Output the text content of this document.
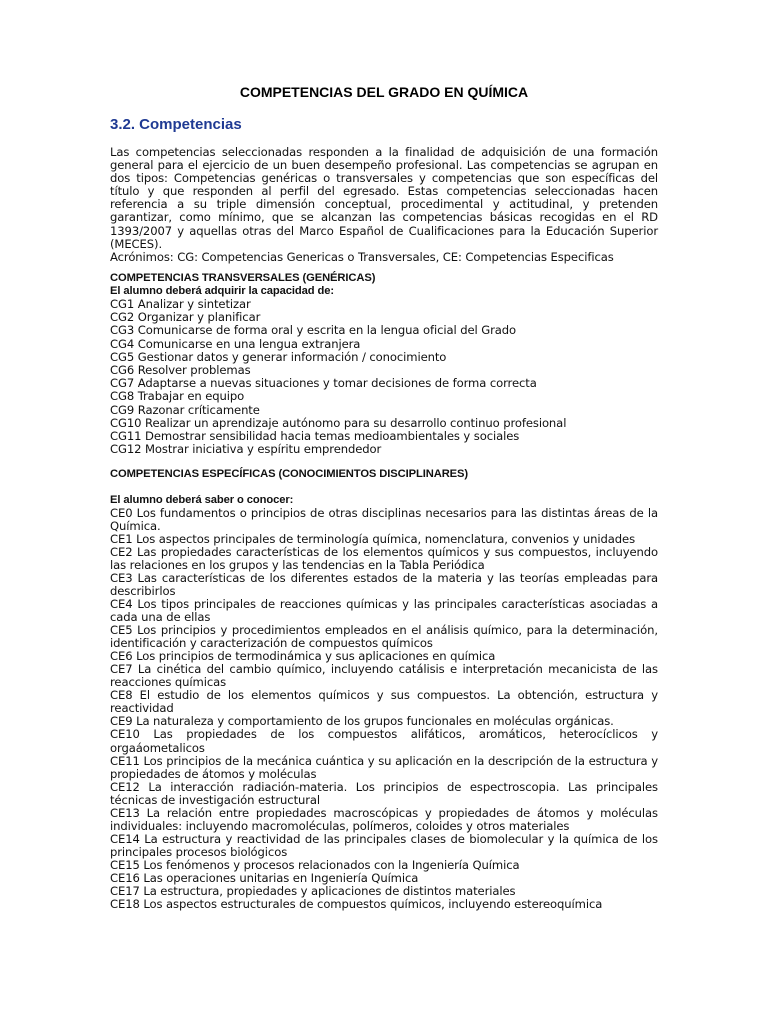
COMPETENCIAS DEL GRADO EN QUÍMICA
3.2. Competencias

Las competencias seleccionadas responden a la finalidad de adquisición de una formación general para el ejercicio de un buen desempeño profesional. Las competencias se agrupan en dos tipos: Competencias genéricas o transversales y competencias que son específicas del título y que responden al perfil del egresado. Estas competencias seleccionadas hacen referencia a su triple dimensión conceptual, procedimental y actitudinal, y pretenden garantizar, como mínimo, que se alcanzan las competencias básicas recogidas en el RD 1393/2007 y aquellas otras del Marco Español de Cualificaciones para la Educación Superior (MECES).

Acrónimos: CG: Competencias Genericas o Transversales, CE: Competencias Especificas

COMPETENCIAS TRANSVERSALES (GENÉRICAS)

El alumno deberá adquirir la capacidad de:

CG1 Analizar y sintetizar
CG2 Organizar y planificar
CG3 Comunicarse de forma oral y escrita en la lengua oficial del Grado
CG4 Comunicarse en una lengua extranjera
CG5 Gestionar datos y generar información / conocimiento
CG6 Resolver problemas
CG7 Adaptarse a nuevas situaciones y tomar decisiones de forma correcta
CG8 Trabajar en equipo
CG9 Razonar críticamente
CG10 Realizar un aprendizaje autónomo para su desarrollo continuo profesional
CG11 Demostrar sensibilidad hacia temas medioambientales y sociales
CG12 Mostrar iniciativa y espíritu emprendedor

COMPETENCIAS ESPECÍFICAS (CONOCIMIENTOS DISCIPLINARES)

El alumno deberá saber o conocer:

CE0 Los fundamentos o principios de otras disciplinas necesarios para las distintas áreas de la Química.
CE1 Los aspectos principales de terminología química, nomenclatura, convenios y unidades
CE2 Las propiedades características de los elementos químicos y sus compuestos, incluyendo las relaciones en los grupos y las tendencias en la Tabla Periódica
CE3 Las características de los diferentes estados de la materia y las teorías empleadas para describirlos
CE4 Los tipos principales de reacciones químicas y las principales características asociadas a cada una de ellas
CE5 Los principios y procedimientos empleados en el análisis químico, para la determinación, identificación y caracterización de compuestos químicos
CE6 Los principios de termodinámica y sus aplicaciones en química
CE7 La cinética del cambio químico, incluyendo catálisis e interpretación mecanicista de las reacciones químicas
CE8 El estudio de los elementos químicos y sus compuestos. La obtención, estructura y reactividad
CE9 La naturaleza y comportamiento de los grupos funcionales en moléculas orgánicas.
CE10 Las propiedades de los compuestos alifáticos, aromáticos, heterocíclicos y orgaáometalicos
CE11 Los principios de la mecánica cuántica y su aplicación en la descripción de la estructura y propiedades de átomos y moléculas
CE12 La interacción radiación-materia. Los principios de espectroscopia. Las principales técnicas de investigación estructural
CE13 La relación entre propiedades macroscópicas y propiedades de átomos y moléculas individuales: incluyendo macromoléculas, polímeros, coloides y otros materiales
CE14 La estructura y reactividad de las principales clases de biomolecular y la química de los principales procesos biológicos
CE15 Los fenómenos y procesos relacionados con la Ingeniería Química
CE16 Las operaciones unitarias en Ingeniería Química
CE17 La estructura, propiedades y aplicaciones de distintos materiales
CE18 Los aspectos estructurales de compuestos químicos, incluyendo estereoquímica
